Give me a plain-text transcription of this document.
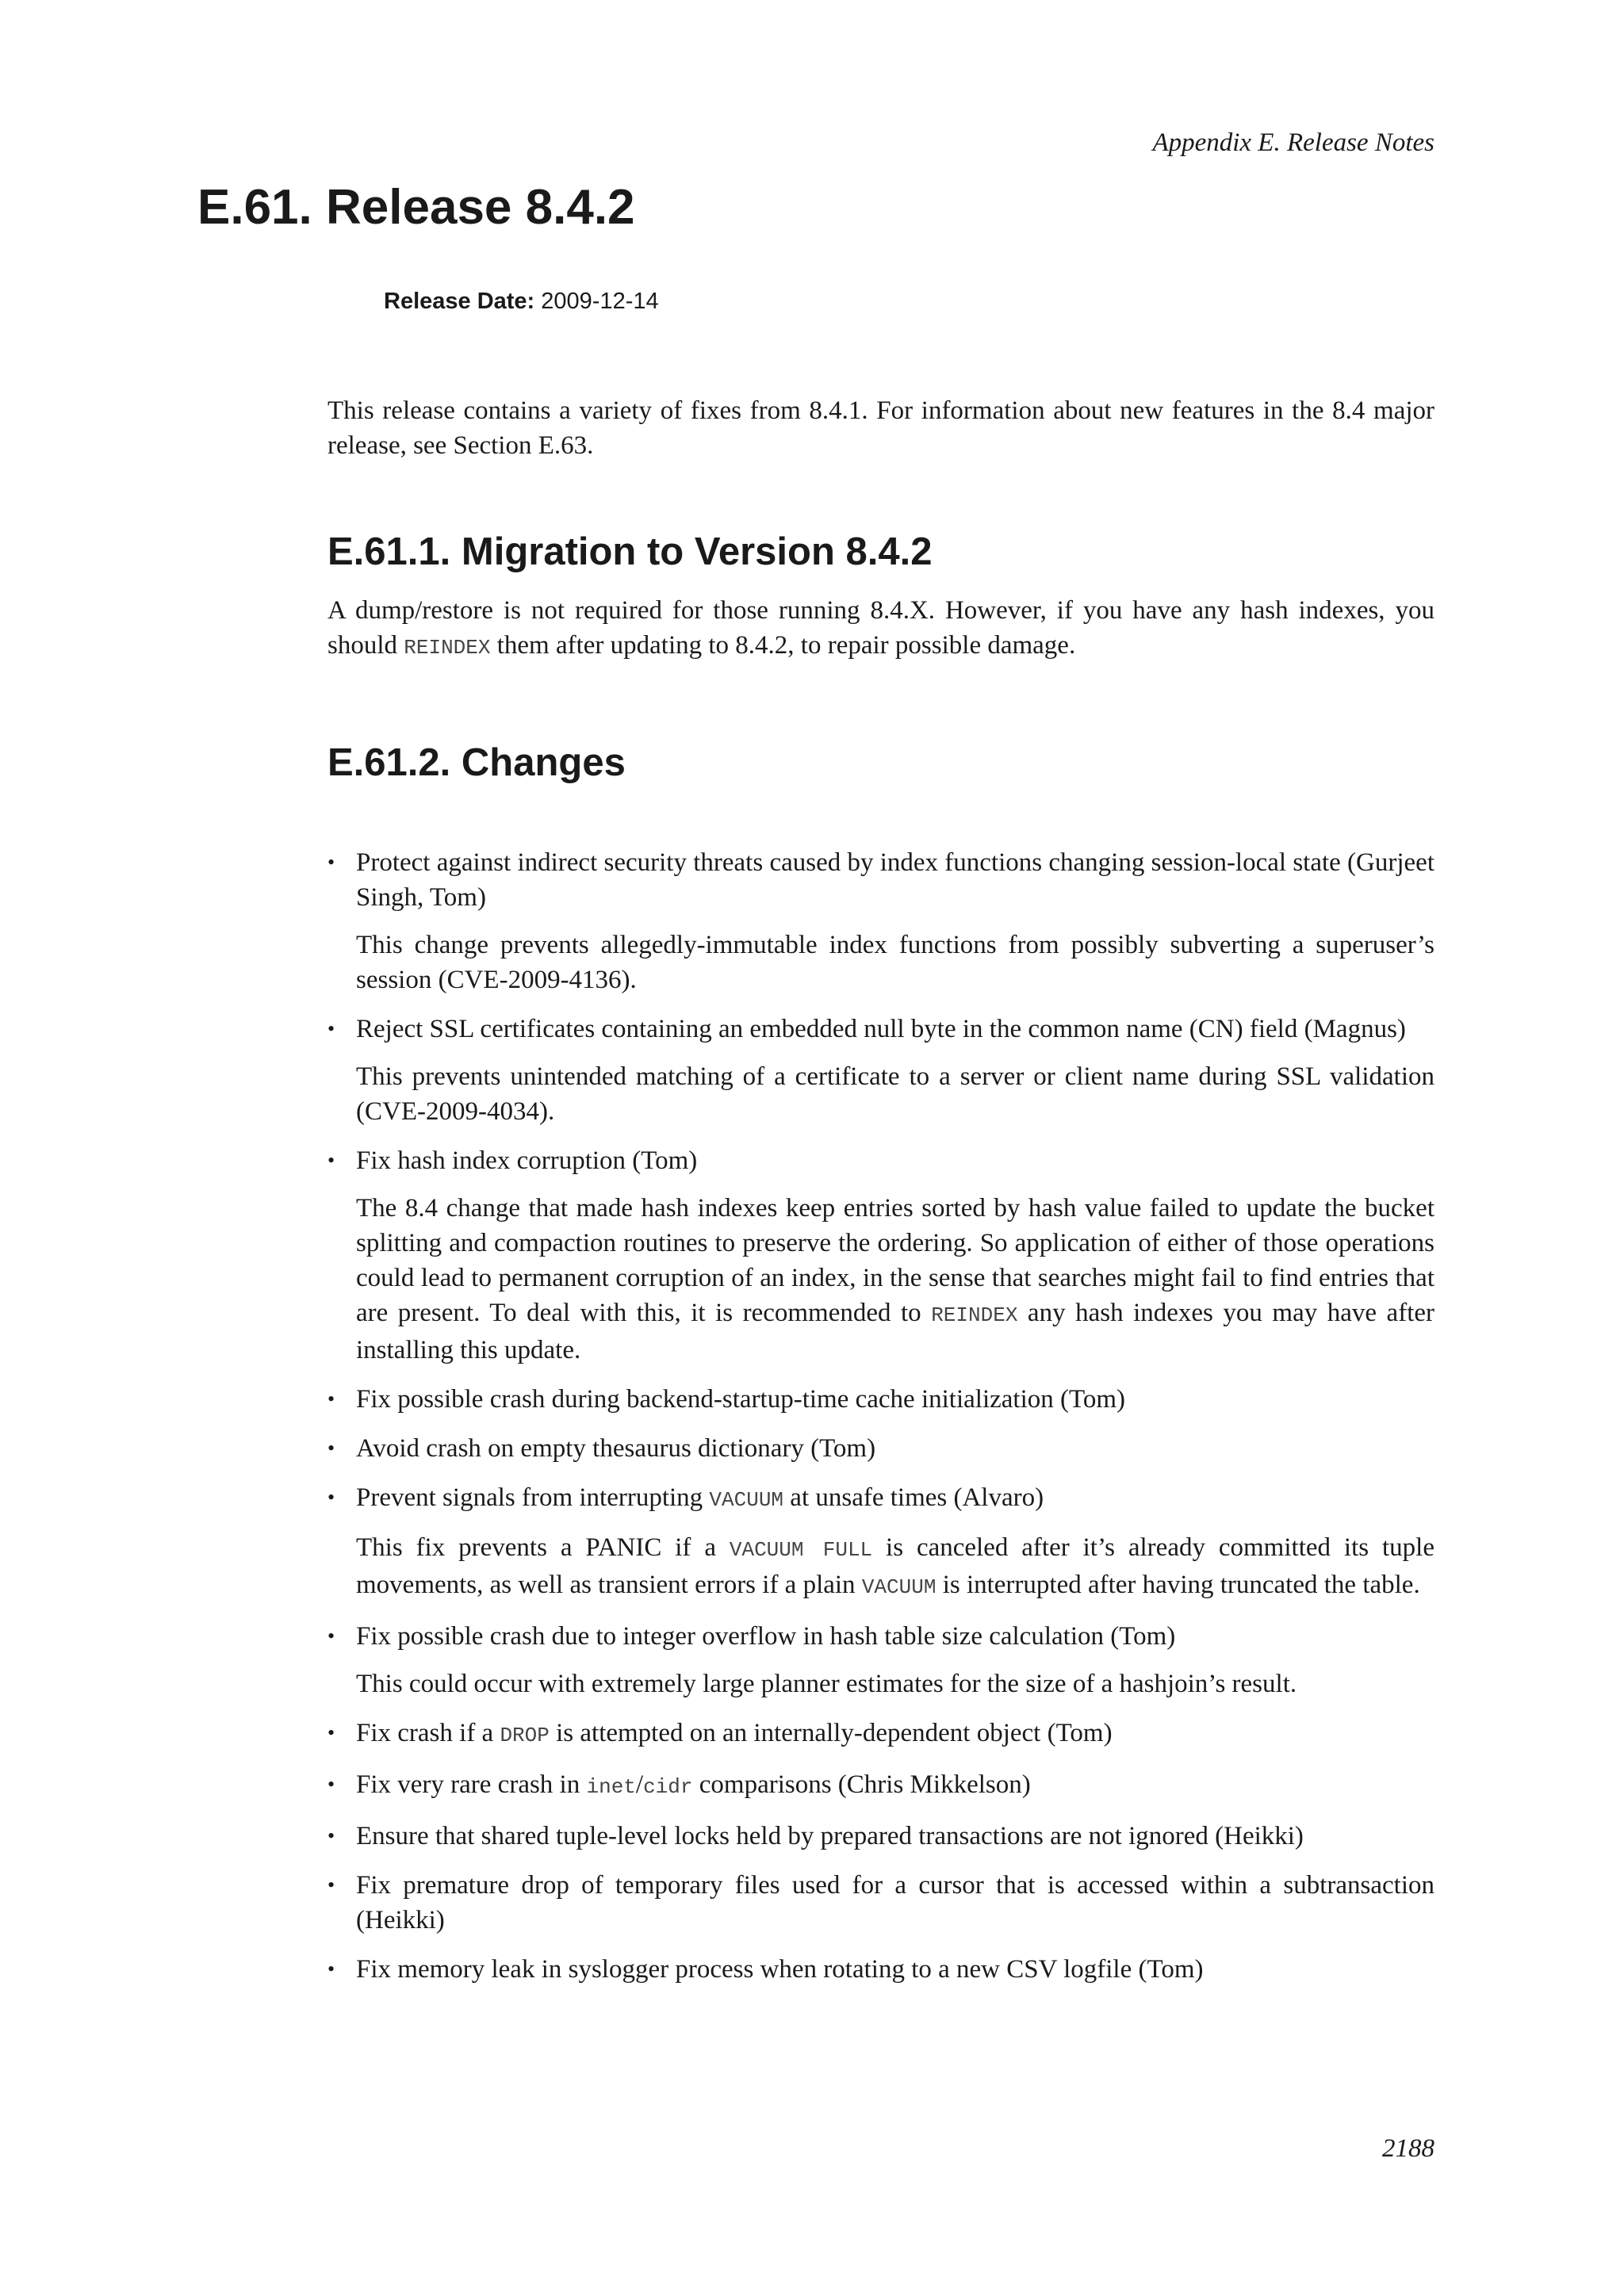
Appendix E. Release Notes
E.61. Release 8.4.2
Release Date: 2009-12-14

This release contains a variety of fixes from 8.4.1. For information about new features in the 8.4 major release, see Section E.63.

E.61.1. Migration to Version 8.4.2

A dump/restore is not required for those running 8.4.X. However, if you have any hash indexes, you should REINDEX them after updating to 8.4.2, to repair possible damage.

E.61.2. Changes
• Protect against indirect security threats caused by index functions changing session-local state (Gurjeet Singh, Tom)

This change prevents allegedly-immutable index functions from possibly subverting a superuser’s session (CVE-2009-4136).

• Reject SSL certificates containing an embedded null byte in the common name (CN) field (Magnus)

This prevents unintended matching of a certificate to a server or client name during SSL validation (CVE-2009-4034).

• Fix hash index corruption (Tom)

The 8.4 change that made hash indexes keep entries sorted by hash value failed to update the bucket splitting and compaction routines to preserve the ordering. So application of either of those operations could lead to permanent corruption of an index, in the sense that searches might fail to find entries that are present. To deal with this, it is recommended to REINDEX any hash indexes you may have after installing this update.

• Fix possible crash during backend-startup-time cache initialization (Tom)

• Avoid crash on empty thesaurus dictionary (Tom)

• Prevent signals from interrupting VACUUM at unsafe times (Alvaro)

This fix prevents a PANIC if a VACUUM FULL is canceled after it’s already committed its tuple movements, as well as transient errors if a plain VACUUM is interrupted after having truncated the table.

• Fix possible crash due to integer overflow in hash table size calculation (Tom)

This could occur with extremely large planner estimates for the size of a hashjoin’s result.

• Fix crash if a DROP is attempted on an internally-dependent object (Tom)

• Fix very rare crash in inet/cidr comparisons (Chris Mikkelson)

• Ensure that shared tuple-level locks held by prepared transactions are not ignored (Heikki)

• Fix premature drop of temporary files used for a cursor that is accessed within a subtransaction (Heikki)

• Fix memory leak in syslogger process when rotating to a new CSV logfile (Tom)

2188
